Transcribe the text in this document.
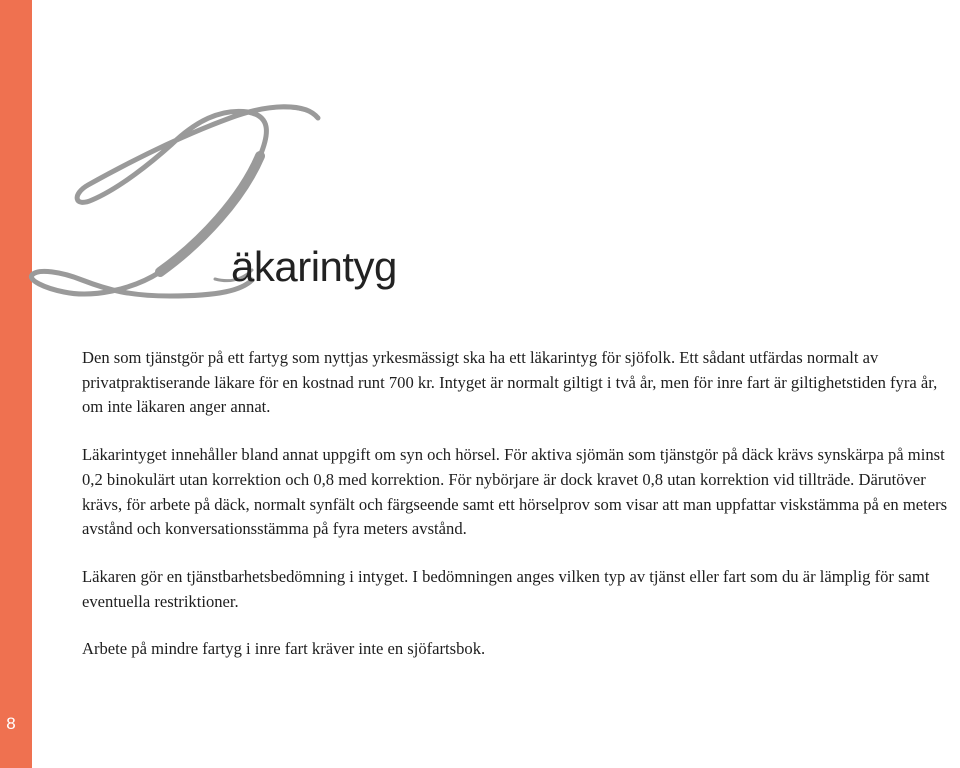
8
äkarintyg

Den som tjänstgör på ett fartyg som nyttjas yrkesmässigt ska ha ett läkarintyg för sjöfolk. Ett sådant utfärdas normalt av privatpraktiserande läkare för en kostnad runt 700 kr. Intyget är normalt giltigt i två år, men för inre fart är giltighetstiden fyra år, om inte läkaren anger annat.

Läkarintyget innehåller bland annat uppgift om syn och hörsel. För aktiva sjömän som tjänstgör på däck krävs synskärpa på minst 0,2 binokulärt utan korrektion och 0,8 med korrektion. För nybörjare är dock kravet 0,8 utan korrektion vid tillträde. Därutöver krävs, för arbete på däck, normalt synfält och färgseende samt ett hörselprov som visar att man uppfattar viskstämma på en meters avstånd och konversationsstämma på fyra meters avstånd.

Läkaren gör en tjänstbarhetsbedömning i intyget. I bedömningen anges vilken typ av tjänst eller fart som du är lämplig för samt eventuella restriktioner.

Arbete på mindre fartyg i inre fart kräver inte en sjöfartsbok.
